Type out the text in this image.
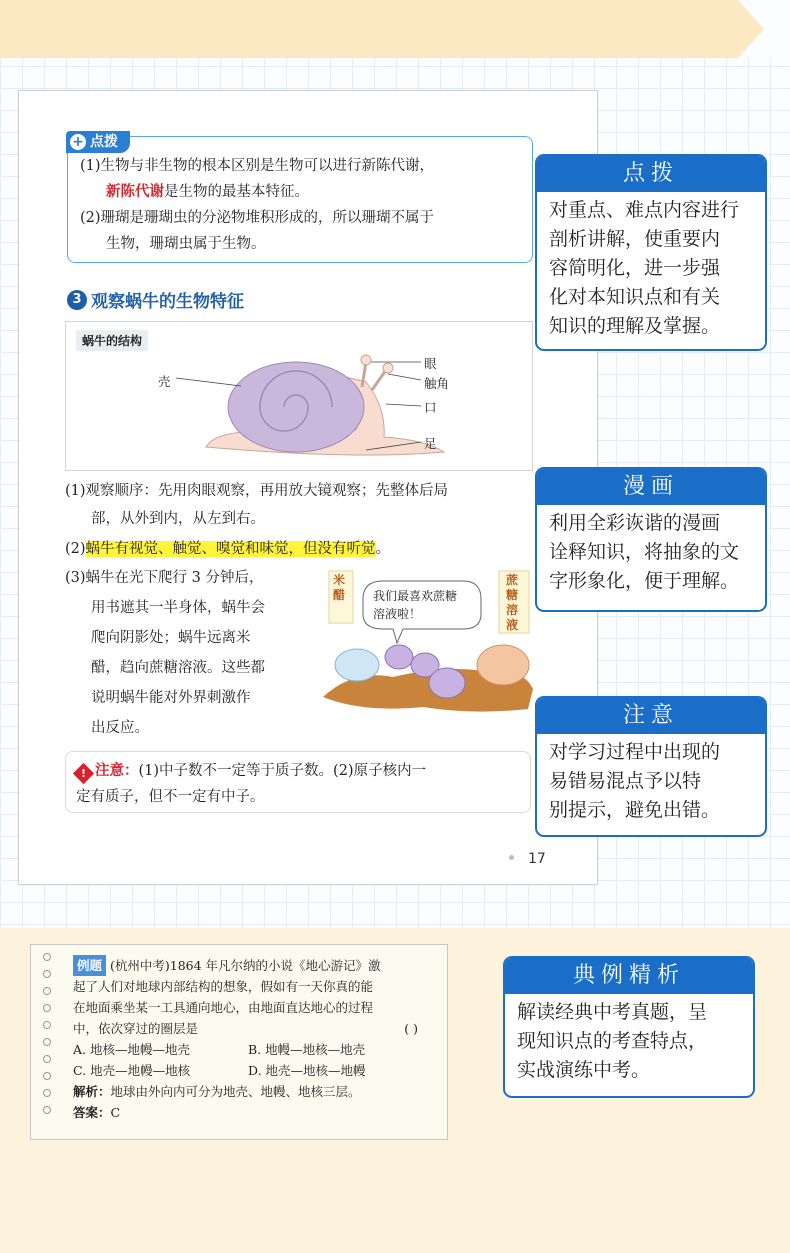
+ 点拨
(1)生物与非生物的根本区别是生物可以进行新陈代谢，
新陈代谢是生物的最基本特征。
(2)珊瑚是珊瑚虫的分泌物堆积形成的，所以珊瑚不属于
生物，珊瑚虫属于生物。
3 观察蜗牛的生物特征
蜗牛的结构
壳
眼
触角
口
足
(1)观察顺序：先用肉眼观察，再用放大镜观察；先整体后局
部，从外到内，从左到右。
(2)蜗牛有视觉、触觉、嗅觉和味觉，但没有听觉。
(3)蜗牛在光下爬行 3 分钟后，
用书遮其一半身体，蜗牛会
爬向阴影处；蜗牛远离米
醋，趋向蔗糖溶液。这些都
说明蜗牛能对外界刺激作
出反应。
米醋
蔗糖溶液
我们最喜欢蔗糖
溶液啦！
! 注意：(1)中子数不一定等于质子数。(2)原子核内一
定有质子，但不一定有中子。
17
点拨
对重点、难点内容进行
剖析讲解，使重要内
容简明化，进一步强
化对本知识点和有关
知识的理解及掌握。
漫画
利用全彩诙谐的漫画
诠释知识，将抽象的文
字形象化，便于理解。
注意
对学习过程中出现的
易错易混点予以特
别提示，避免出错。
例题 (杭州中考)1864 年凡尔纳的小说《地心游记》激
起了人们对地球内部结构的想象，假如有一天你真的能
在地面乘坐某一工具通向地心，由地面直达地心的过程
中，依次穿过的圈层是	( )
A. 地核—地幔—地壳	B. 地幔—地核—地壳
C. 地壳—地幔—地核	D. 地壳—地核—地幔
解析：地球由外向内可分为地壳、地幔、地核三层。
答案：C
典例精析
解读经典中考真题，呈
现知识点的考查特点，
实战演练中考。
